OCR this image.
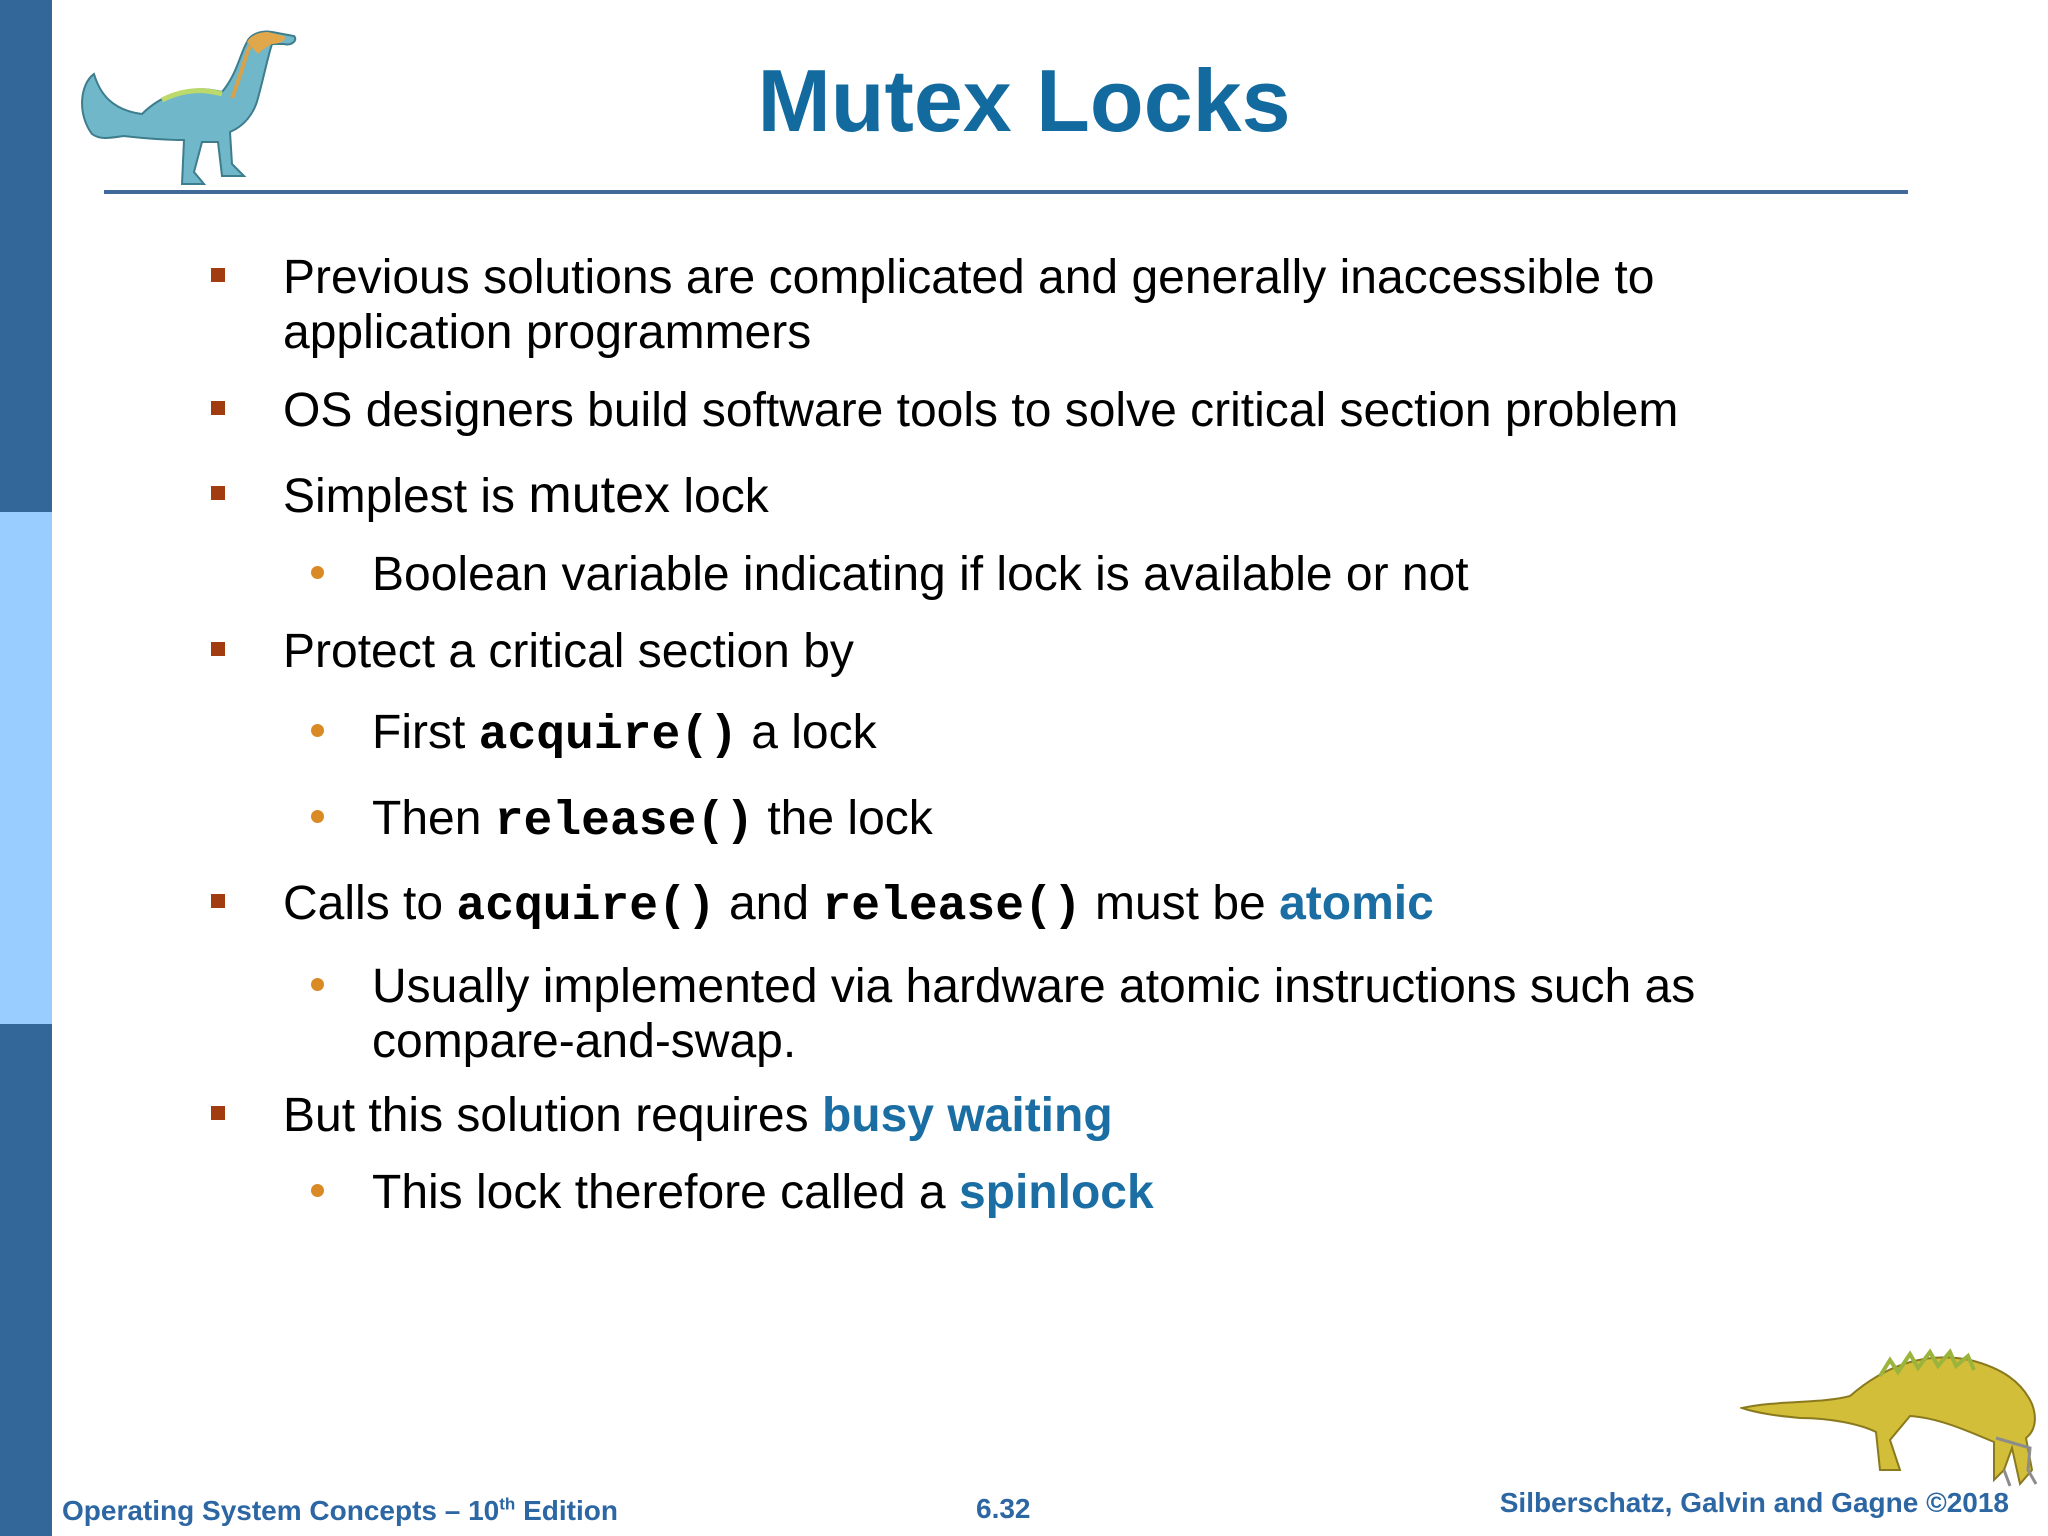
Mutex Locks
Previous solutions are complicated and generally inaccessible to
application programmers
OS designers build software tools to solve critical section problem
Simplest is mutex lock
Boolean variable indicating if lock is available or not
Protect a critical section by
First acquire() a lock
Then release() the lock
Calls to acquire() and release() must be atomic
Usually implemented via hardware atomic instructions such as
compare-and-swap.
But this solution requires busy waiting
This lock therefore called a spinlock
Operating System Concepts – 10th Edition	6.32	Silberschatz, Galvin and Gagne ©2018
